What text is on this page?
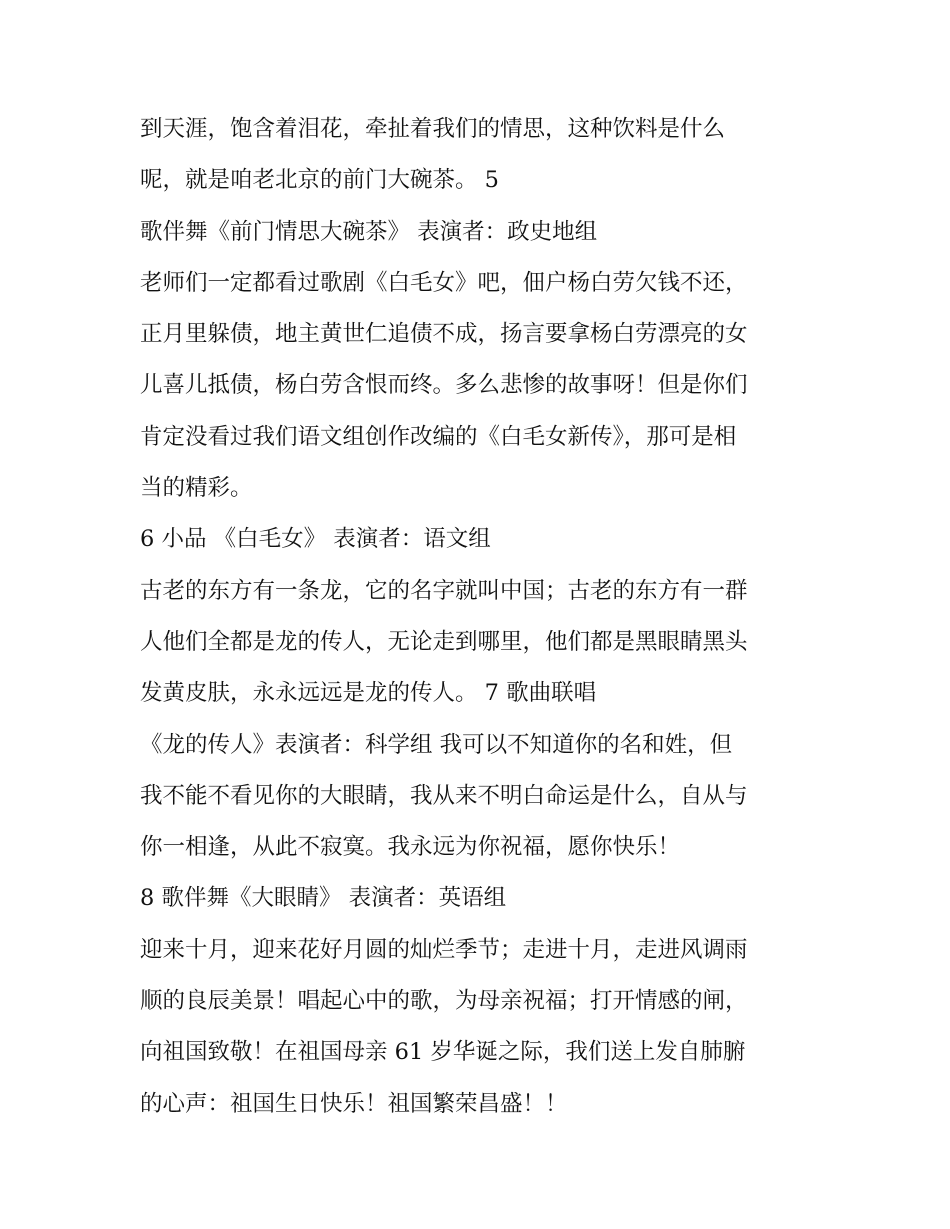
到天涯，饱含着泪花，牵扯着我们的情思，这种饮料是什么
呢，就是咱老北京的前门大碗茶。 5
歌伴舞《前门情思大碗茶》 表演者：政史地组
老师们一定都看过歌剧《白毛女》吧，佃户杨白劳欠钱不还，
正月里躲债，地主黄世仁追债不成，扬言要拿杨白劳漂亮的女
儿喜儿抵债，杨白劳含恨而终。多么悲惨的故事呀！但是你们
肯定没看过我们语文组创作改编的《白毛女新传》，那可是相
当的精彩。
6 小品 《白毛女》 表演者：语文组
古老的东方有一条龙，它的名字就叫中国；古老的东方有一群
人他们全都是龙的传人，无论走到哪里，他们都是黑眼睛黑头
发黄皮肤，永永远远是龙的传人。 7 歌曲联唱
《龙的传人》表演者：科学组 我可以不知道你的名和姓，但
我不能不看见你的大眼睛，我从来不明白命运是什么，自从与
你一相逢，从此不寂寞。我永远为你祝福，愿你快乐！
8 歌伴舞《大眼睛》 表演者：英语组
迎来十月，迎来花好月圆的灿烂季节；走进十月，走进风调雨
顺的良辰美景！唱起心中的歌，为母亲祝福；打开情感的闸，
向祖国致敬！在祖国母亲 61 岁华诞之际，我们送上发自肺腑
的心声：祖国生日快乐！祖国繁荣昌盛！！
